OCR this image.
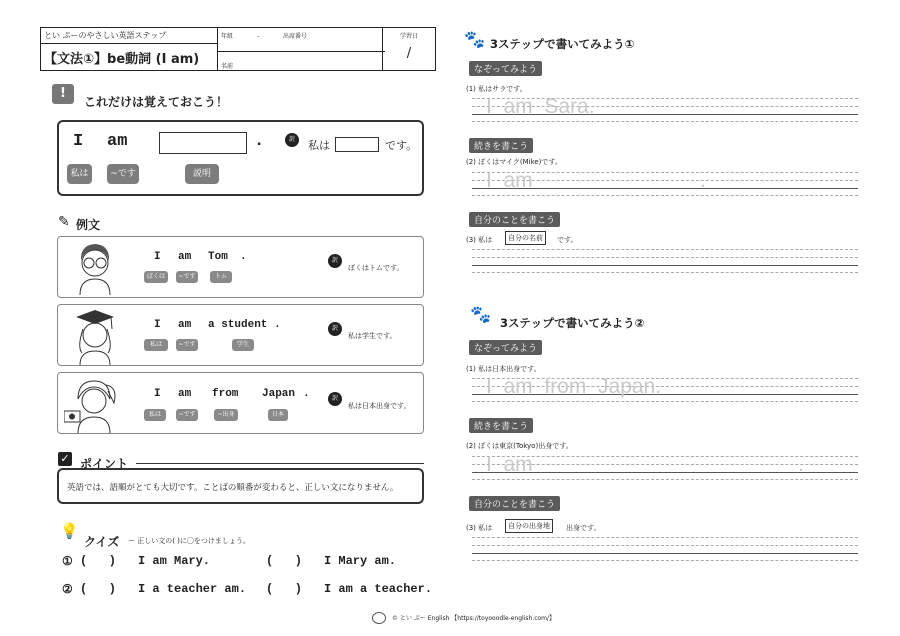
とい ぷーのやさしい英語ステップ
【文法①】be動詞 (I am)
年組	-	出席番号
名前
学習日
/
!
これだけは覚えておこう！
I am	.
私は	~です	説明
訳	私は	です。
✎ 例文
I am Tom .
ぼくは	~です	トム
訳
ぼくはトムです。
I am a student .
私は	~です	学生
訳
私は学生です。
I am from Japan .
私は	~です	~出身	日本
訳
私は日本出身です。
✓ ポイント
英語では、語順がとても大切です。ことばの順番が変わると、正しい文になりません。
💡
クイズ ー 正しい文の( )に〇をつけましょう。
① (   ) I am Mary.	(   ) I Mary am.
② (   ) I a teacher am. (   ) I am a teacher.
🐾 3ステップで書いてみよう①
なぞってみよう
(1) 私はサラです。
I  am  Sara.
続きを書こう
(2) ぼくはマイク(Mike)です。
I  am	.
自分のことを書こう
(3) 私は	自分の名前	です。
🐾 3ステップで書いてみよう②
なぞってみよう
(1) 私は日本出身です。
I  am  from  Japan.
続きを書こう
(2) ぼくは東京(Tokyo)出身です。
I  am	.
自分のことを書こう
(3) 私は	自分の出身地	出身です。
© とい ぷー English 【https://toyooodle-english.com/】
